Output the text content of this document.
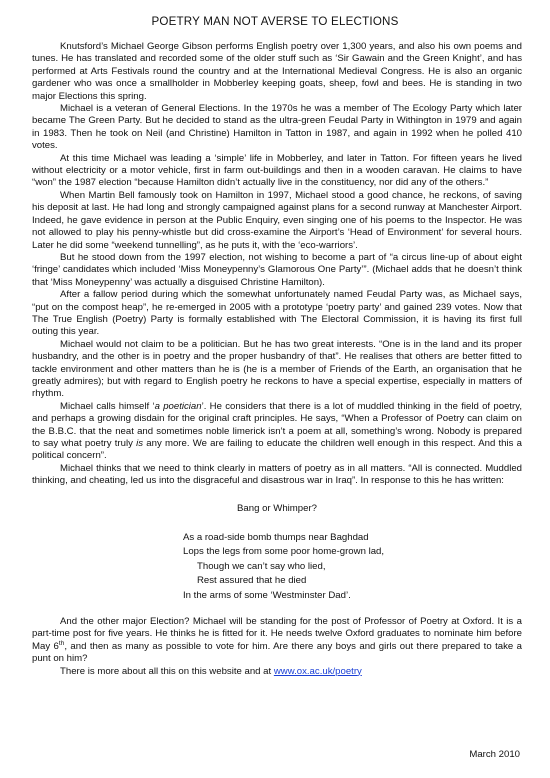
POETRY MAN NOT AVERSE TO ELECTIONS

Knutsford’s Michael George Gibson performs English poetry over 1,300 years, and also his own poems and tunes. He has translated and recorded some of the older stuff such as ‘Sir Gawain and the Green Knight’, and has performed at Arts Festivals round the country and at the International Medieval Congress. He is also an organic gardener who was once a smallholder in Mobberley keeping goats, sheep, fowl and bees. He is standing in two major Elections this spring.

Michael is a veteran of General Elections. In the 1970s he was a member of The Ecology Party which later became The Green Party. But he decided to stand as the ultra-green Feudal Party in Withington in 1979 and again in 1983. Then he took on Neil (and Christine) Hamilton in Tatton in 1987, and again in 1992 when he polled 410 votes.

At this time Michael was leading a ‘simple’ life in Mobberley, and later in Tatton. For fifteen years he lived without electricity or a motor vehicle, first in farm out-buildings and then in a wooden caravan. He claims to have “won” the 1987 election “because Hamilton didn’t actually live in the constituency, nor did any of the others.”

When Martin Bell famously took on Hamilton in 1997, Michael stood a good chance, he reckons, of saving his deposit at last. He had long and strongly campaigned against plans for a second runway at Manchester Airport. Indeed, he gave evidence in person at the Public Enquiry, even singing one of his poems to the Inspector. He was not allowed to play his penny-whistle but did cross-examine the Airport’s ‘Head of Environment’ for several hours. Later he did some “weekend tunnelling”, as he puts it, with the ‘eco-warriors’.

But he stood down from the 1997 election, not wishing to become a part of “a circus line-up of about eight ‘fringe’ candidates which included ‘Miss Moneypenny’s Glamorous One Party’”. (Michael adds that he doesn’t think that ‘Miss Moneypenny’ was actually a disguised Christine Hamilton).

After a fallow period during which the somewhat unfortunately named Feudal Party was, as Michael says, “put on the compost heap”, he re-emerged in 2005 with a prototype ‘poetry party’ and gained 239 votes. Now that The True English (Poetry) Party is formally established with The Electoral Commission, it is having its first full outing this year.

Michael would not claim to be a politician. But he has two great interests. “One is in the land and its proper husbandry, and the other is in poetry and the proper husbandry of that”. He realises that others are better fitted to tackle environment and other matters than he is (he is a member of Friends of the Earth, an organisation that he greatly admires); but with regard to English poetry he reckons to have a special expertise, especially in matters of rhythm.

Michael calls himself ‘a poetician’. He considers that there is a lot of muddled thinking in the field of poetry, and perhaps a growing disdain for the original craft principles. He says, “When a Professor of Poetry can claim on the B.B.C. that the neat and sometimes noble limerick isn’t a poem at all, something’s wrong. Nobody is prepared to say what poetry truly is any more. We are failing to educate the children well enough in this respect. And this a political concern”.

Michael thinks that we need to think clearly in matters of poetry as in all matters. “All is connected. Muddled thinking, and cheating, led us into the disgraceful and disastrous war in Iraq”. In response to this he has written:

Bang or Whimper?
As a road-side bomb thumps near Baghdad
Lops the legs from some poor home-grown lad,
Though we can’t say who lied,
Rest assured that he died
In the arms of some ‘Westminster Dad’.

And the other major Election? Michael will be standing for the post of Professor of Poetry at Oxford. It is a part-time post for five years. He thinks he is fitted for it. He needs twelve Oxford graduates to nominate him before May 6th, and then as many as possible to vote for him. Are there any boys and girls out there prepared to take a punt on him?

There is more about all this on this website and at www.ox.ac.uk/poetry

March 2010
